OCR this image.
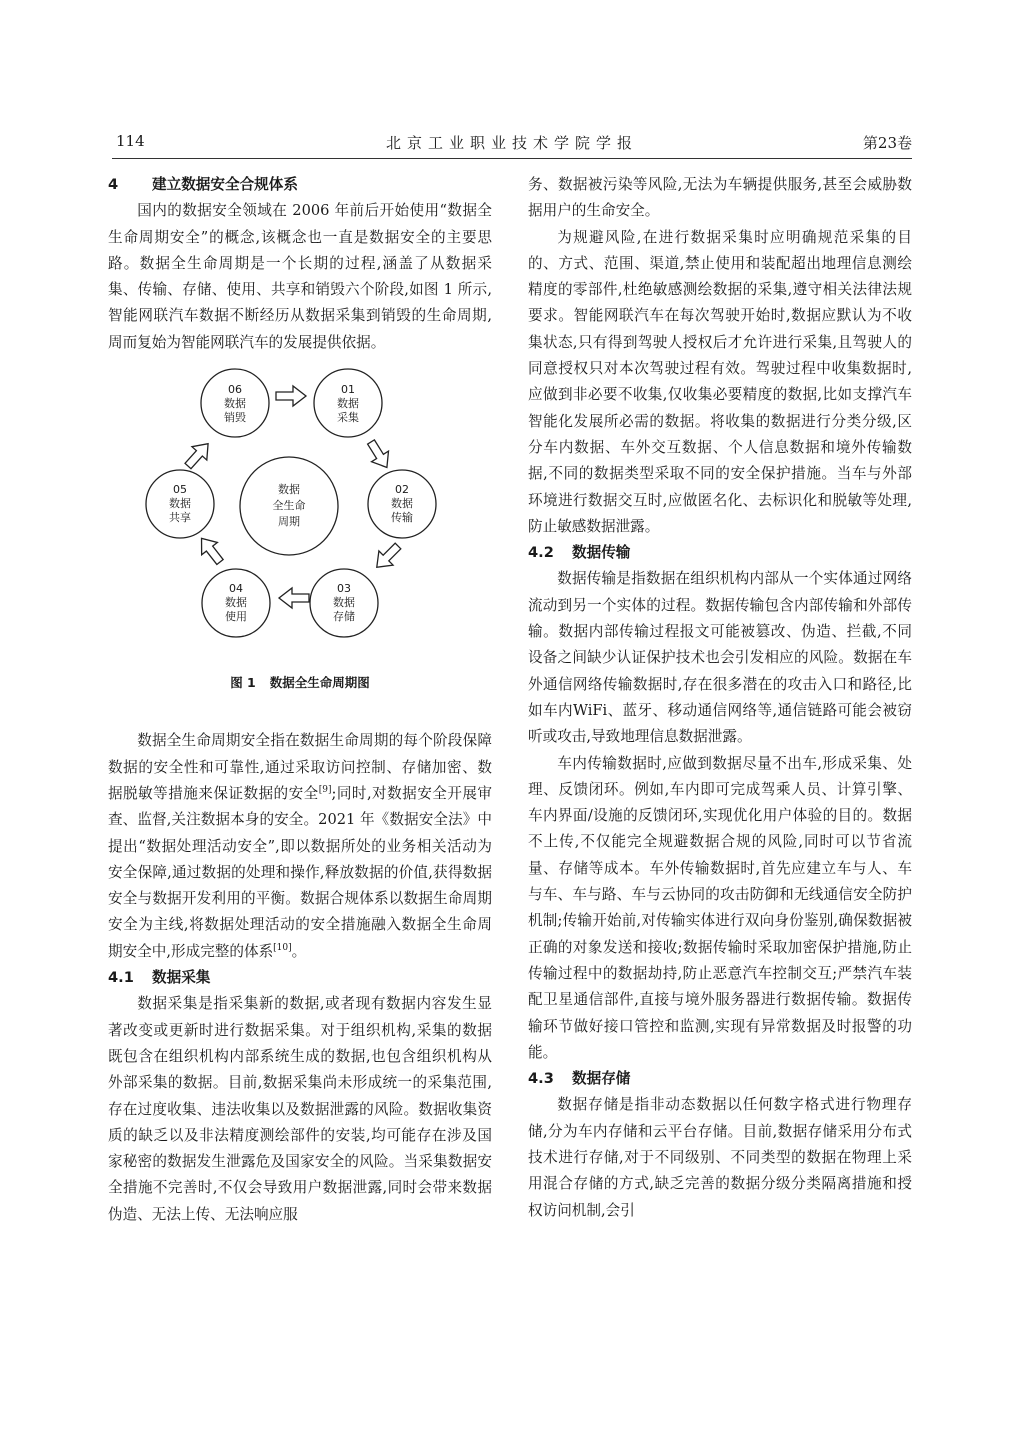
114	北京工业职业技术学院学报	第23卷
4 建立数据安全合规体系

国内的数据安全领域在 2006 年前后开始使用“数据全生命周期安全”的概念,该概念也一直是数据安全的主要思路。数据全生命周期是一个长期的过程,涵盖了从数据采集、传输、存储、使用、共享和销毁六个阶段,如图 1 所示,智能网联汽车数据不断经历从数据采集到销毁的生命周期,周而复始为智能网联汽车的发展提供依据。

数据
全生命
周期
06
数据
销毁
01
数据
采集
02
数据
传输
03
数据
存储
04
数据
使用
05
数据
共享
图 1 数据全生命周期图

数据全生命周期安全指在数据生命周期的每个阶段保障数据的安全性和可靠性,通过采取访问控制、存储加密、数据脱敏等措施来保证数据的安全[9];同时,对数据安全开展审查、监督,关注数据本身的安全。2021 年《数据安全法》中提出“数据处理活动安全”,即以数据所处的业务相关活动为安全保障,通过数据的处理和操作,释放数据的价值,获得数据安全与数据开发利用的平衡。数据合规体系以数据生命周期安全为主线,将数据处理活动的安全措施融入数据全生命周期安全中,形成完整的体系[10]。

4.1 数据采集

数据采集是指采集新的数据,或者现有数据内容发生显著改变或更新时进行数据采集。对于组织机构,采集的数据既包含在组织机构内部系统生成的数据,也包含组织机构从外部采集的数据。目前,数据采集尚未形成统一的采集范围,存在过度收集、违法收集以及数据泄露的风险。数据收集资质的缺乏以及非法精度测绘部件的安装,均可能存在涉及国家秘密的数据发生泄露危及国家安全的风险。当采集数据安全措施不完善时,不仅会导致用户数据泄露,同时会带来数据伪造、无法上传、无法响应服

务、数据被污染等风险,无法为车辆提供服务,甚至会威胁数据用户的生命安全。

为规避风险,在进行数据采集时应明确规范采集的目的、方式、范围、渠道,禁止使用和装配超出地理信息测绘精度的零部件,杜绝敏感测绘数据的采集,遵守相关法律法规要求。智能网联汽车在每次驾驶开始时,数据应默认为不收集状态,只有得到驾驶人授权后才允许进行采集,且驾驶人的同意授权只对本次驾驶过程有效。驾驶过程中收集数据时,应做到非必要不收集,仅收集必要精度的数据,比如支撑汽车智能化发展所必需的数据。将收集的数据进行分类分级,区分车内数据、车外交互数据、个人信息数据和境外传输数据,不同的数据类型采取不同的安全保护措施。当车与外部环境进行数据交互时,应做匿名化、去标识化和脱敏等处理,防止敏感数据泄露。

4.2 数据传输

数据传输是指数据在组织机构内部从一个实体通过网络流动到另一个实体的过程。数据传输包含内部传输和外部传输。数据内部传输过程报文可能被篡改、伪造、拦截,不同设备之间缺少认证保护技术也会引发相应的风险。数据在车外通信网络传输数据时,存在很多潜在的攻击入口和路径,比如车内WiFi、蓝牙、移动通信网络等,通信链路可能会被窃听或攻击,导致地理信息数据泄露。

车内传输数据时,应做到数据尽量不出车,形成采集、处理、反馈闭环。例如,车内即可完成驾乘人员、计算引擎、车内界面/设施的反馈闭环,实现优化用户体验的目的。数据不上传,不仅能完全规避数据合规的风险,同时可以节省流量、存储等成本。车外传输数据时,首先应建立车与人、车与车、车与路、车与云协同的攻击防御和无线通信安全防护机制;传输开始前,对传输实体进行双向身份鉴别,确保数据被正确的对象发送和接收;数据传输时采取加密保护措施,防止传输过程中的数据劫持,防止恶意汽车控制交互;严禁汽车装配卫星通信部件,直接与境外服务器进行数据传输。数据传输环节做好接口管控和监测,实现有异常数据及时报警的功能。

4.3 数据存储

数据存储是指非动态数据以任何数字格式进行物理存储,分为车内存储和云平台存储。目前,数据存储采用分布式技术进行存储,对于不同级别、不同类型的数据在物理上采用混合存储的方式,缺乏完善的数据分级分类隔离措施和授权访问机制,会引
